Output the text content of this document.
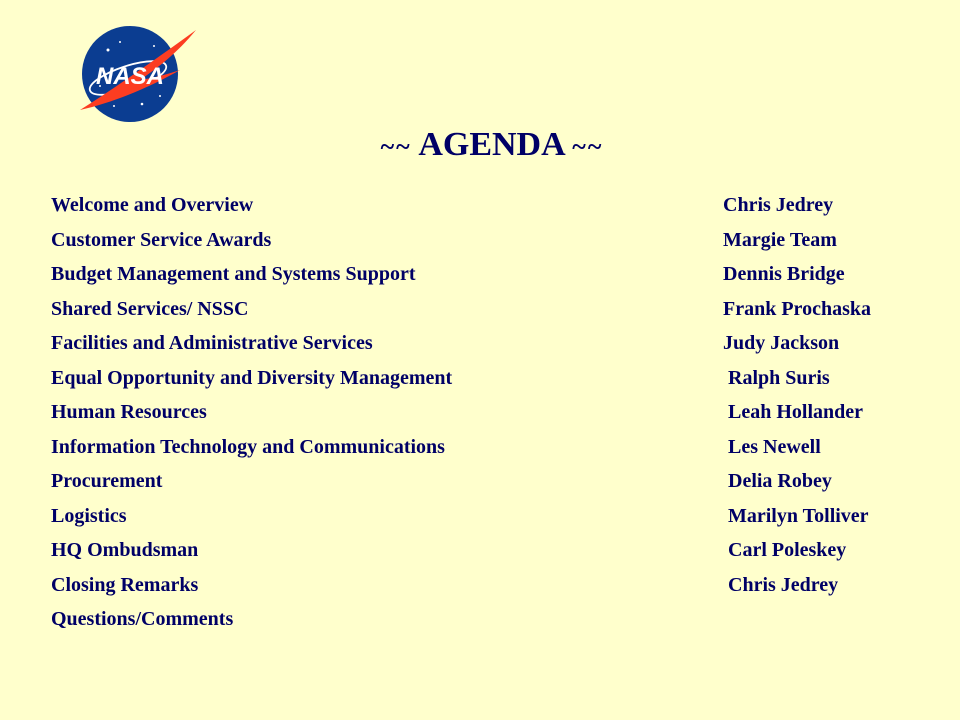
NASA
~~ AGENDA ~~
Welcome and Overview	Chris Jedrey
Customer Service Awards	Margie Team
Budget Management and Systems Support	Dennis Bridge
Shared Services/ NSSC	Frank Prochaska
Facilities and Administrative Services	Judy Jackson
Equal Opportunity and Diversity Management	Ralph Suris
Human Resources	Leah Hollander
Information Technology and Communications	Les Newell
Procurement	Delia Robey
Logistics	Marilyn Tolliver
HQ Ombudsman	Carl Poleskey
Closing Remarks	Chris Jedrey
Questions/Comments
